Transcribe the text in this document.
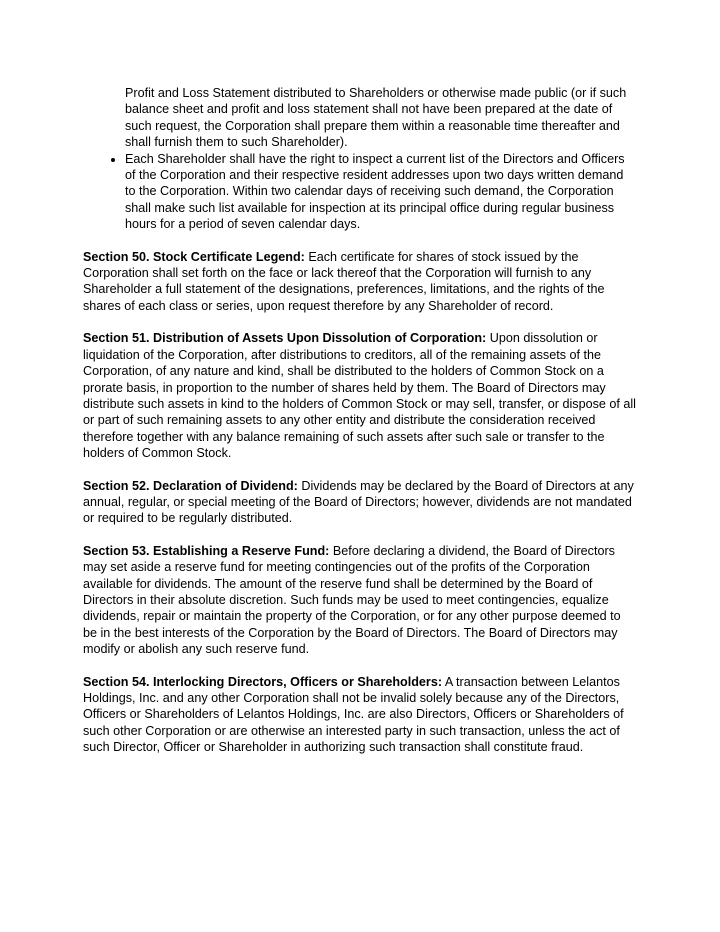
Profit and Loss Statement distributed to Shareholders or otherwise made public (or if such balance sheet and profit and loss statement shall not have been prepared at the date of such request, the Corporation shall prepare them within a reasonable time thereafter and shall furnish them to such Shareholder).
• Each Shareholder shall have the right to inspect a current list of the Directors and Officers of the Corporation and their respective resident addresses upon two days written demand to the Corporation. Within two calendar days of receiving such demand, the Corporation shall make such list available for inspection at its principal office during regular business hours for a period of seven calendar days.

Section 50. Stock Certificate Legend: Each certificate for shares of stock issued by the Corporation shall set forth on the face or lack thereof that the Corporation will furnish to any Shareholder a full statement of the designations, preferences, limitations, and the rights of the shares of each class or series, upon request therefore by any Shareholder of record.

Section 51. Distribution of Assets Upon Dissolution of Corporation: Upon dissolution or liquidation of the Corporation, after distributions to creditors, all of the remaining assets of the Corporation, of any nature and kind, shall be distributed to the holders of Common Stock on a prorate basis, in proportion to the number of shares held by them. The Board of Directors may distribute such assets in kind to the holders of Common Stock or may sell, transfer, or dispose of all or part of such remaining assets to any other entity and distribute the consideration received therefore together with any balance remaining of such assets after such sale or transfer to the holders of Common Stock.

Section 52. Declaration of Dividend: Dividends may be declared by the Board of Directors at any annual, regular, or special meeting of the Board of Directors; however, dividends are not mandated or required to be regularly distributed.

Section 53. Establishing a Reserve Fund: Before declaring a dividend, the Board of Directors may set aside a reserve fund for meeting contingencies out of the profits of the Corporation available for dividends. The amount of the reserve fund shall be determined by the Board of Directors in their absolute discretion. Such funds may be used to meet contingencies, equalize dividends, repair or maintain the property of the Corporation, or for any other purpose deemed to be in the best interests of the Corporation by the Board of Directors. The Board of Directors may modify or abolish any such reserve fund.

Section 54. Interlocking Directors, Officers or Shareholders: A transaction between Lelantos Holdings, Inc. and any other Corporation shall not be invalid solely because any of the Directors, Officers or Shareholders of Lelantos Holdings, Inc. are also Directors, Officers or Shareholders of such other Corporation or are otherwise an interested party in such transaction, unless the act of such Director, Officer or Shareholder in authorizing such transaction shall constitute fraud.
